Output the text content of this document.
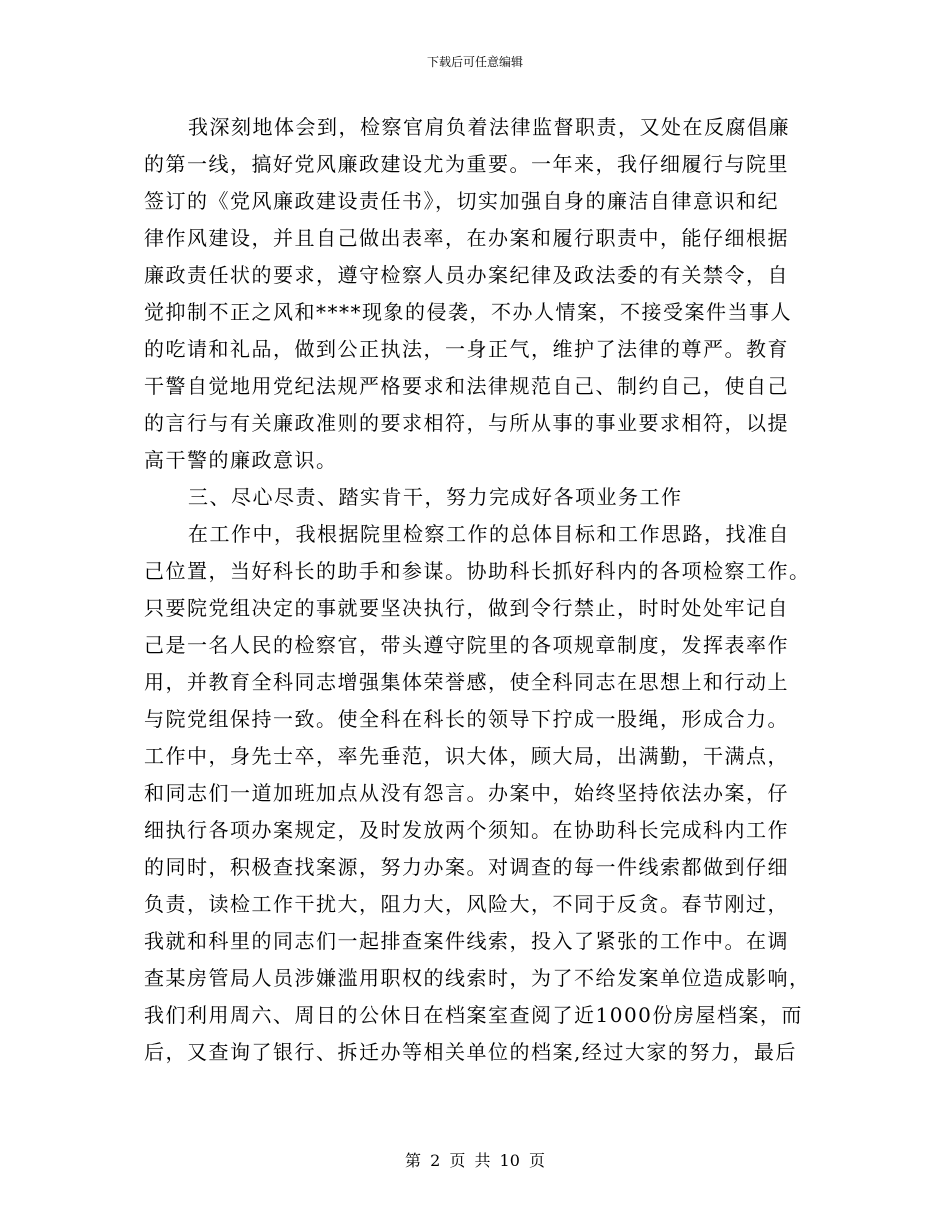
下载后可任意编辑
我深刻地体会到，检察官肩负着法律监督职责，又处在反腐倡廉
的第一线，搞好党风廉政建设尤为重要。一年来，我仔细履行与院里
签订的《党风廉政建设责任书》，切实加强自身的廉洁自律意识和纪
律作风建设，并且自己做出表率，在办案和履行职责中，能仔细根据
廉政责任状的要求，遵守检察人员办案纪律及政法委的有关禁令，自
觉抑制不正之风和****现象的侵袭，不办人情案，不接受案件当事人
的吃请和礼品，做到公正执法，一身正气，维护了法律的尊严。教育
干警自觉地用党纪法规严格要求和法律规范自己、制约自己，使自己
的言行与有关廉政准则的要求相符，与所从事的事业要求相符，以提
高干警的廉政意识。
三、尽心尽责、踏实肯干，努力完成好各项业务工作
在工作中，我根据院里检察工作的总体目标和工作思路，找准自
己位置，当好科长的助手和参谋。协助科长抓好科内的各项检察工作。
只要院党组决定的事就要坚决执行，做到令行禁止，时时处处牢记自
己是一名人民的检察官，带头遵守院里的各项规章制度，发挥表率作
用，并教育全科同志增强集体荣誉感，使全科同志在思想上和行动上
与院党组保持一致。使全科在科长的领导下拧成一股绳，形成合力。
工作中，身先士卒，率先垂范，识大体，顾大局，出满勤，干满点，
和同志们一道加班加点从没有怨言。办案中，始终坚持依法办案，仔
细执行各项办案规定，及时发放两个须知。在协助科长完成科内工作
的同时，积极查找案源，努力办案。对调查的每一件线索都做到仔细
负责，读检工作干扰大，阻力大，风险大，不同于反贪。春节刚过，
我就和科里的同志们一起排查案件线索，投入了紧张的工作中。在调
查某房管局人员涉嫌滥用职权的线索时，为了不给发案单位造成影响，
我们利用周六、周日的公休日在档案室查阅了近1000份房屋档案，而
后，又查询了银行、拆迁办等相关单位的档案,经过大家的努力，最后
第 2 页 共 10 页
